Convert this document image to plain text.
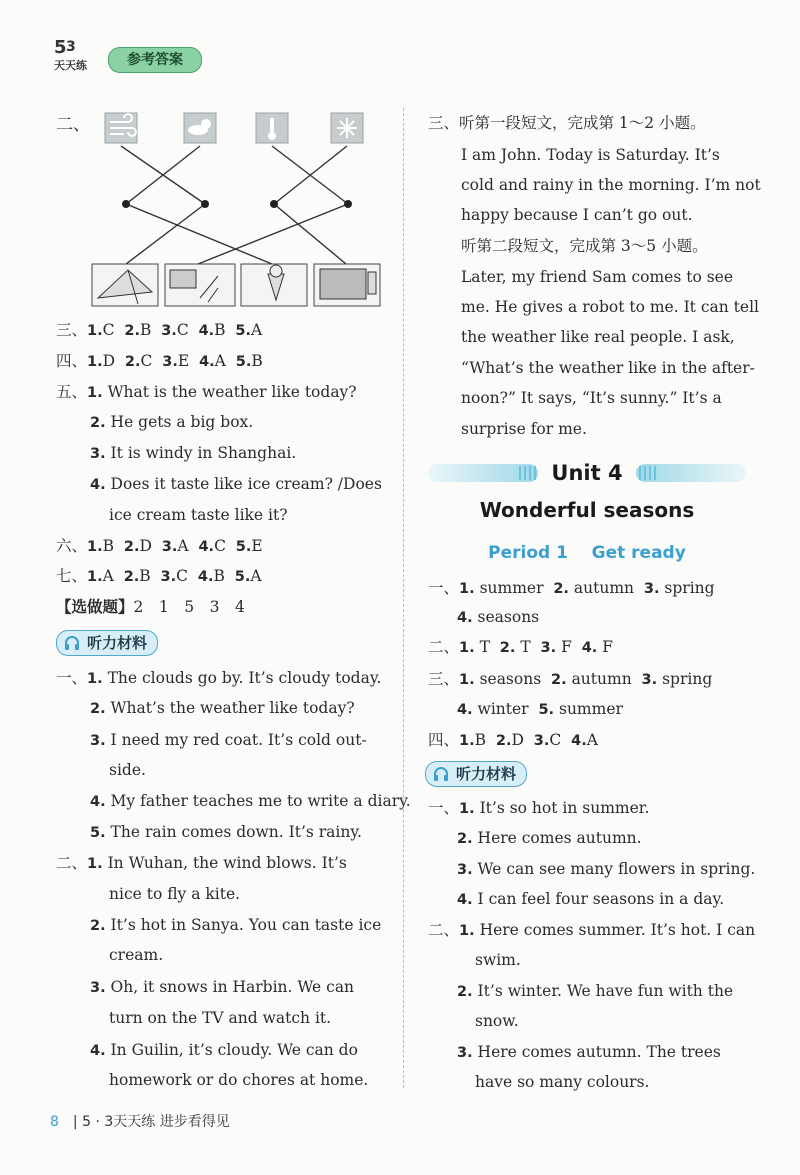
5 3
天天练	参考答案
二、
三、1.C 2.B 3.C 4.B 5.A
四、1.D 2.C 3.E 4.A 5.B
五、1. What is the weather like today?
2. He gets a big box.
3. It is windy in Shanghai.
4. Does it taste like ice cream? /Does
ice cream taste like it?
六、1.B 2.D 3.A 4.C 5.E
七、1.A 2.B 3.C 4.B 5.A
【选做题】2　1　5　3　4
听力材料
一、1. The clouds go by. It’s cloudy today.
2. What’s the weather like today?
3. I need my red coat. It’s cold out-
side.
4. My father teaches me to write a diary.
5. The rain comes down. It’s rainy.
二、1. In Wuhan, the wind blows. It’s
nice to fly a kite.
2. It’s hot in Sanya. You can taste ice
cream.
3. Oh, it snows in Harbin. We can
turn on the TV and watch it.
4. In Guilin, it’s cloudy. We can do
homework or do chores at home.
三、听第一段短文，完成第 1～2 小题。
I am John. Today is Saturday. It’s
cold and rainy in the morning. I’m not
happy because I can’t go out.
听第二段短文，完成第 3～5 小题。
Later, my friend Sam comes to see
me. He gives a robot to me. It can tell
the weather like real people. I ask,
“What’s the weather like in the after-
noon?” It says, “It’s sunny.” It’s a
surprise for me.
Unit 4
Wonderful seasons
Period 1    Get ready
一、1. summer 2. autumn 3. spring
4. seasons
二、1. T 2. T 3. F 4. F
三、1. seasons 2. autumn 3. spring
4. winter 5. summer
四、1.B 2.D 3.C 4.A
听力材料
一、1. It’s so hot in summer.
2. Here comes autumn.
3. We can see many flowers in spring.
4. I can feel four seasons in a day.
二、1. Here comes summer. It’s hot. I can
swim.
2. It’s winter. We have fun with the
snow.
3. Here comes autumn. The trees
have so many colours.
8 | 5 · 3天天练 进步看得见
